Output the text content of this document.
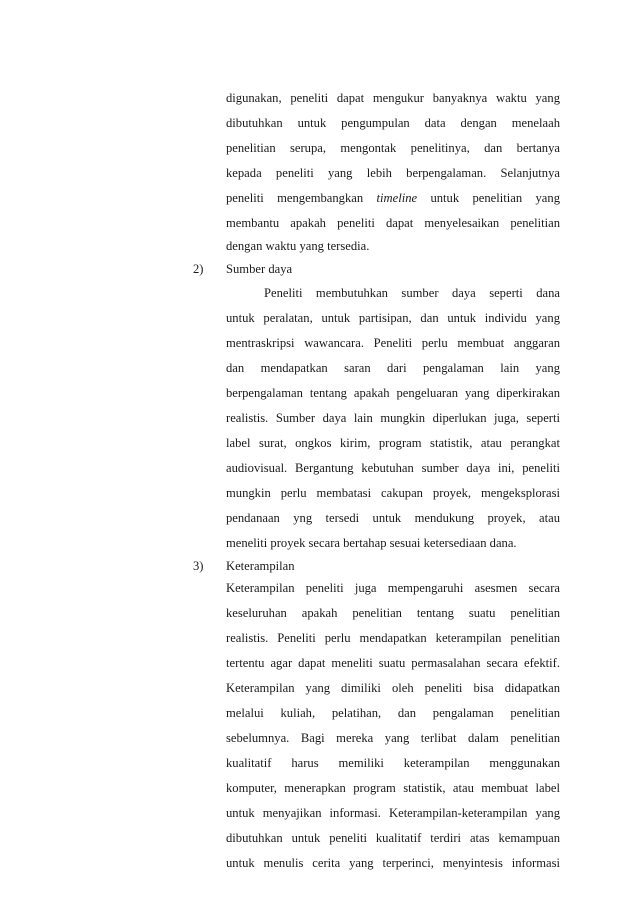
digunakan, peneliti dapat mengukur banyaknya waktu yang
dibutuhkan untuk pengumpulan data dengan menelaah
penelitian serupa, mengontak penelitinya, dan bertanya
kepada peneliti yang lebih berpengalaman. Selanjutnya
peneliti mengembangkan timeline untuk penelitian yang
membantu apakah peneliti dapat menyelesaikan penelitian
dengan waktu yang tersedia.
2) Sumber daya
Peneliti membutuhkan sumber daya seperti dana
untuk peralatan, untuk partisipan, dan untuk individu yang
mentraskripsi wawancara. Peneliti perlu membuat anggaran
dan mendapatkan saran dari pengalaman lain yang
berpengalaman tentang apakah pengeluaran yang diperkirakan
realistis. Sumber daya lain mungkin diperlukan juga, seperti
label surat, ongkos kirim, program statistik, atau perangkat
audiovisual. Bergantung kebutuhan sumber daya ini, peneliti
mungkin perlu membatasi cakupan proyek, mengeksplorasi
pendanaan yng tersedi untuk mendukung proyek, atau
meneliti proyek secara bertahap sesuai ketersediaan dana.
3) Keterampilan
Keterampilan peneliti juga mempengaruhi asesmen secara
keseluruhan apakah penelitian tentang suatu penelitian
realistis. Peneliti perlu mendapatkan keterampilan penelitian
tertentu agar dapat meneliti suatu permasalahan secara efektif.
Keterampilan yang dimiliki oleh peneliti bisa didapatkan
melalui kuliah, pelatihan, dan pengalaman penelitian
sebelumnya. Bagi mereka yang terlibat dalam penelitian
kualitatif harus memiliki keterampilan menggunakan
komputer, menerapkan program statistik, atau membuat label
untuk menyajikan informasi. Keterampilan-keterampilan yang
dibutuhkan untuk peneliti kualitatif terdiri atas kemampuan
untuk menulis cerita yang terperinci, menyintesis informasi
